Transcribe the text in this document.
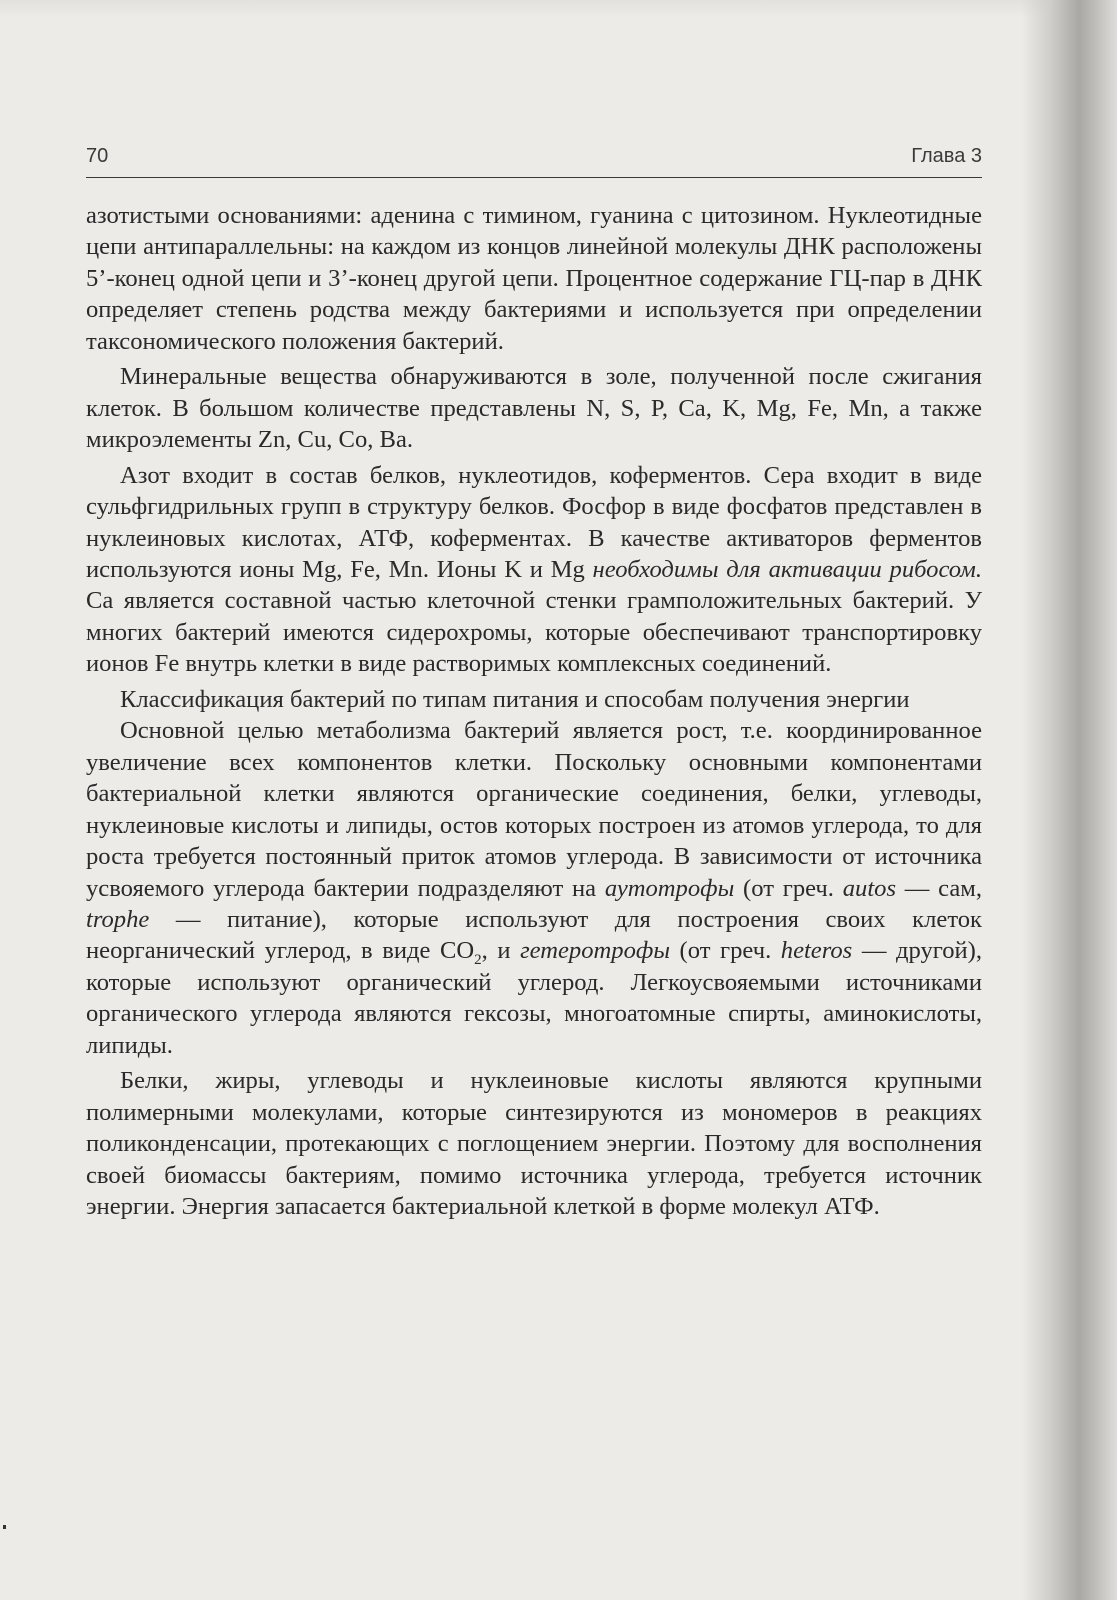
70	Глава 3

азотистыми основаниями: аденина с тимином, гуанина с цитозином. Нуклеотидные цепи антипараллельны: на каждом из концов линейной молекулы ДНК расположены 5’-конец одной цепи и 3’-конец другой цепи. Процентное содержание ГЦ-пар в ДНК определяет степень родства между бактериями и используется при определении таксономического положения бактерий.

Минеральные вещества обнаруживаются в золе, полученной после сжигания клеток. В большом количестве представлены N, S, P, Ca, K, Mg, Fe, Mn, а также микроэлементы Zn, Cu, Co, Ba.

Азот входит в состав белков, нуклеотидов, коферментов. Сера входит в виде сульфгидрильных групп в структуру белков. Фосфор в виде фосфатов представлен в нуклеиновых кислотах, АТФ, коферментах. В качестве активаторов ферментов используются ионы Mg, Fe, Mn. Ионы K и Mg необходимы для активации рибосом. Ca является составной частью клеточной стенки грамположительных бактерий. У многих бактерий имеются сидерохромы, которые обеспечивают транспортировку ионов Fe внутрь клетки в виде растворимых комплексных соединений.

Классификация бактерий по типам питания и способам получения энергии

Основной целью метаболизма бактерий является рост, т.е. координированное увеличение всех компонентов клетки. Поскольку основными компонентами бактериальной клетки являются органические соединения, белки, углеводы, нуклеиновые кислоты и липиды, остов которых построен из атомов углерода, то для роста требуется постоянный приток атомов углерода. В зависимости от источника усвояемого углерода бактерии подразделяют на аутотрофы (от греч. autos — сам, trophe — питание), которые используют для построения своих клеток неорганический углерод, в виде $CO_2$, и гетеротрофы (от греч. heteros — другой), которые используют органический углерод. Легкоусвояемыми источниками органического углерода являются гексозы, многоатомные спирты, аминокислоты, липиды.

Белки, жиры, углеводы и нуклеиновые кислоты являются крупными полимерными молекулами, которые синтезируются из мономеров в реакциях поликонденсации, протекающих с поглощением энергии. Поэтому для восполнения своей биомассы бактериям, помимо источника углерода, требуется источник энергии. Энергия запасается бактериальной клеткой в форме молекул АТФ.
